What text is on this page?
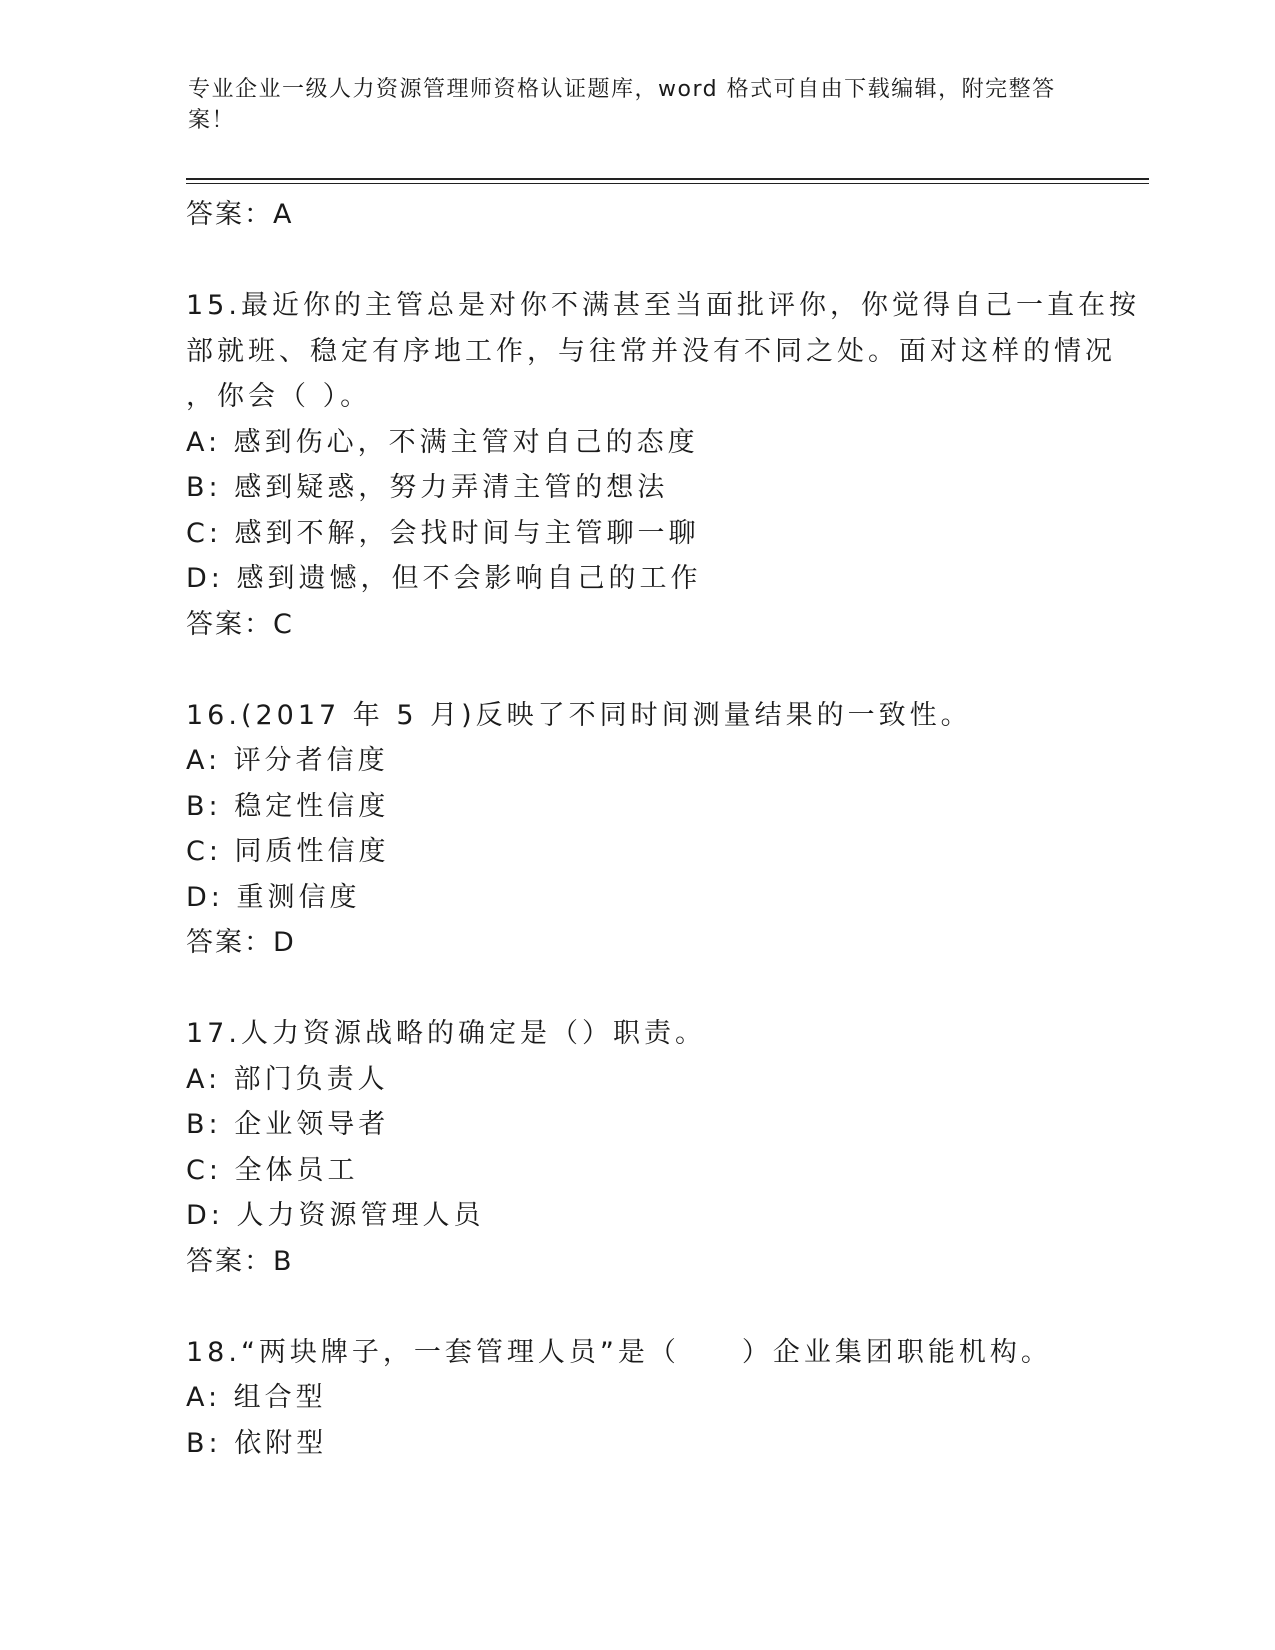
专业企业一级人力资源管理师资格认证题库，word 格式可自由下载编辑，附完整答案！
答案：A
15.最近你的主管总是对你不满甚至当面批评你，你觉得自己一直在按
部就班、稳定有序地工作，与往常并没有不同之处。面对这样的情况
，你会（ ）。
A: 感到伤心，不满主管对自己的态度
B: 感到疑惑，努力弄清主管的想法
C: 感到不解，会找时间与主管聊一聊
D: 感到遗憾，但不会影响自己的工作
答案：C
16.(2017 年 5 月)反映了不同时间测量结果的一致性。
A: 评分者信度
B: 稳定性信度
C: 同质性信度
D: 重测信度
答案：D
17.人力资源战略的确定是（）职责。
A: 部门负责人
B: 企业领导者
C: 全体员工
D: 人力资源管理人员
答案：B
18.“两块牌子，一套管理人员”是（　　）企业集团职能机构。
A: 组合型
B: 依附型
